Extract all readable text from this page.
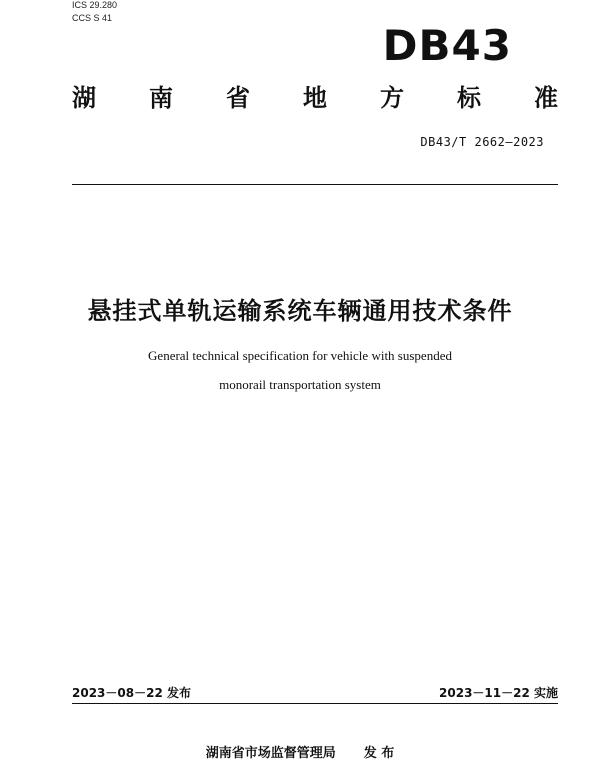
ICS 29.280
CCS S 41
DB43
湖 南 省 地 方 标 准
DB43/T 2662—2023
悬挂式单轨运输系统车辆通用技术条件
General technical specification for vehicle with suspended
monorail transportation system
2023－08－22 发布	2023－11－22 实施
湖南省市场监督管理局 发 布
